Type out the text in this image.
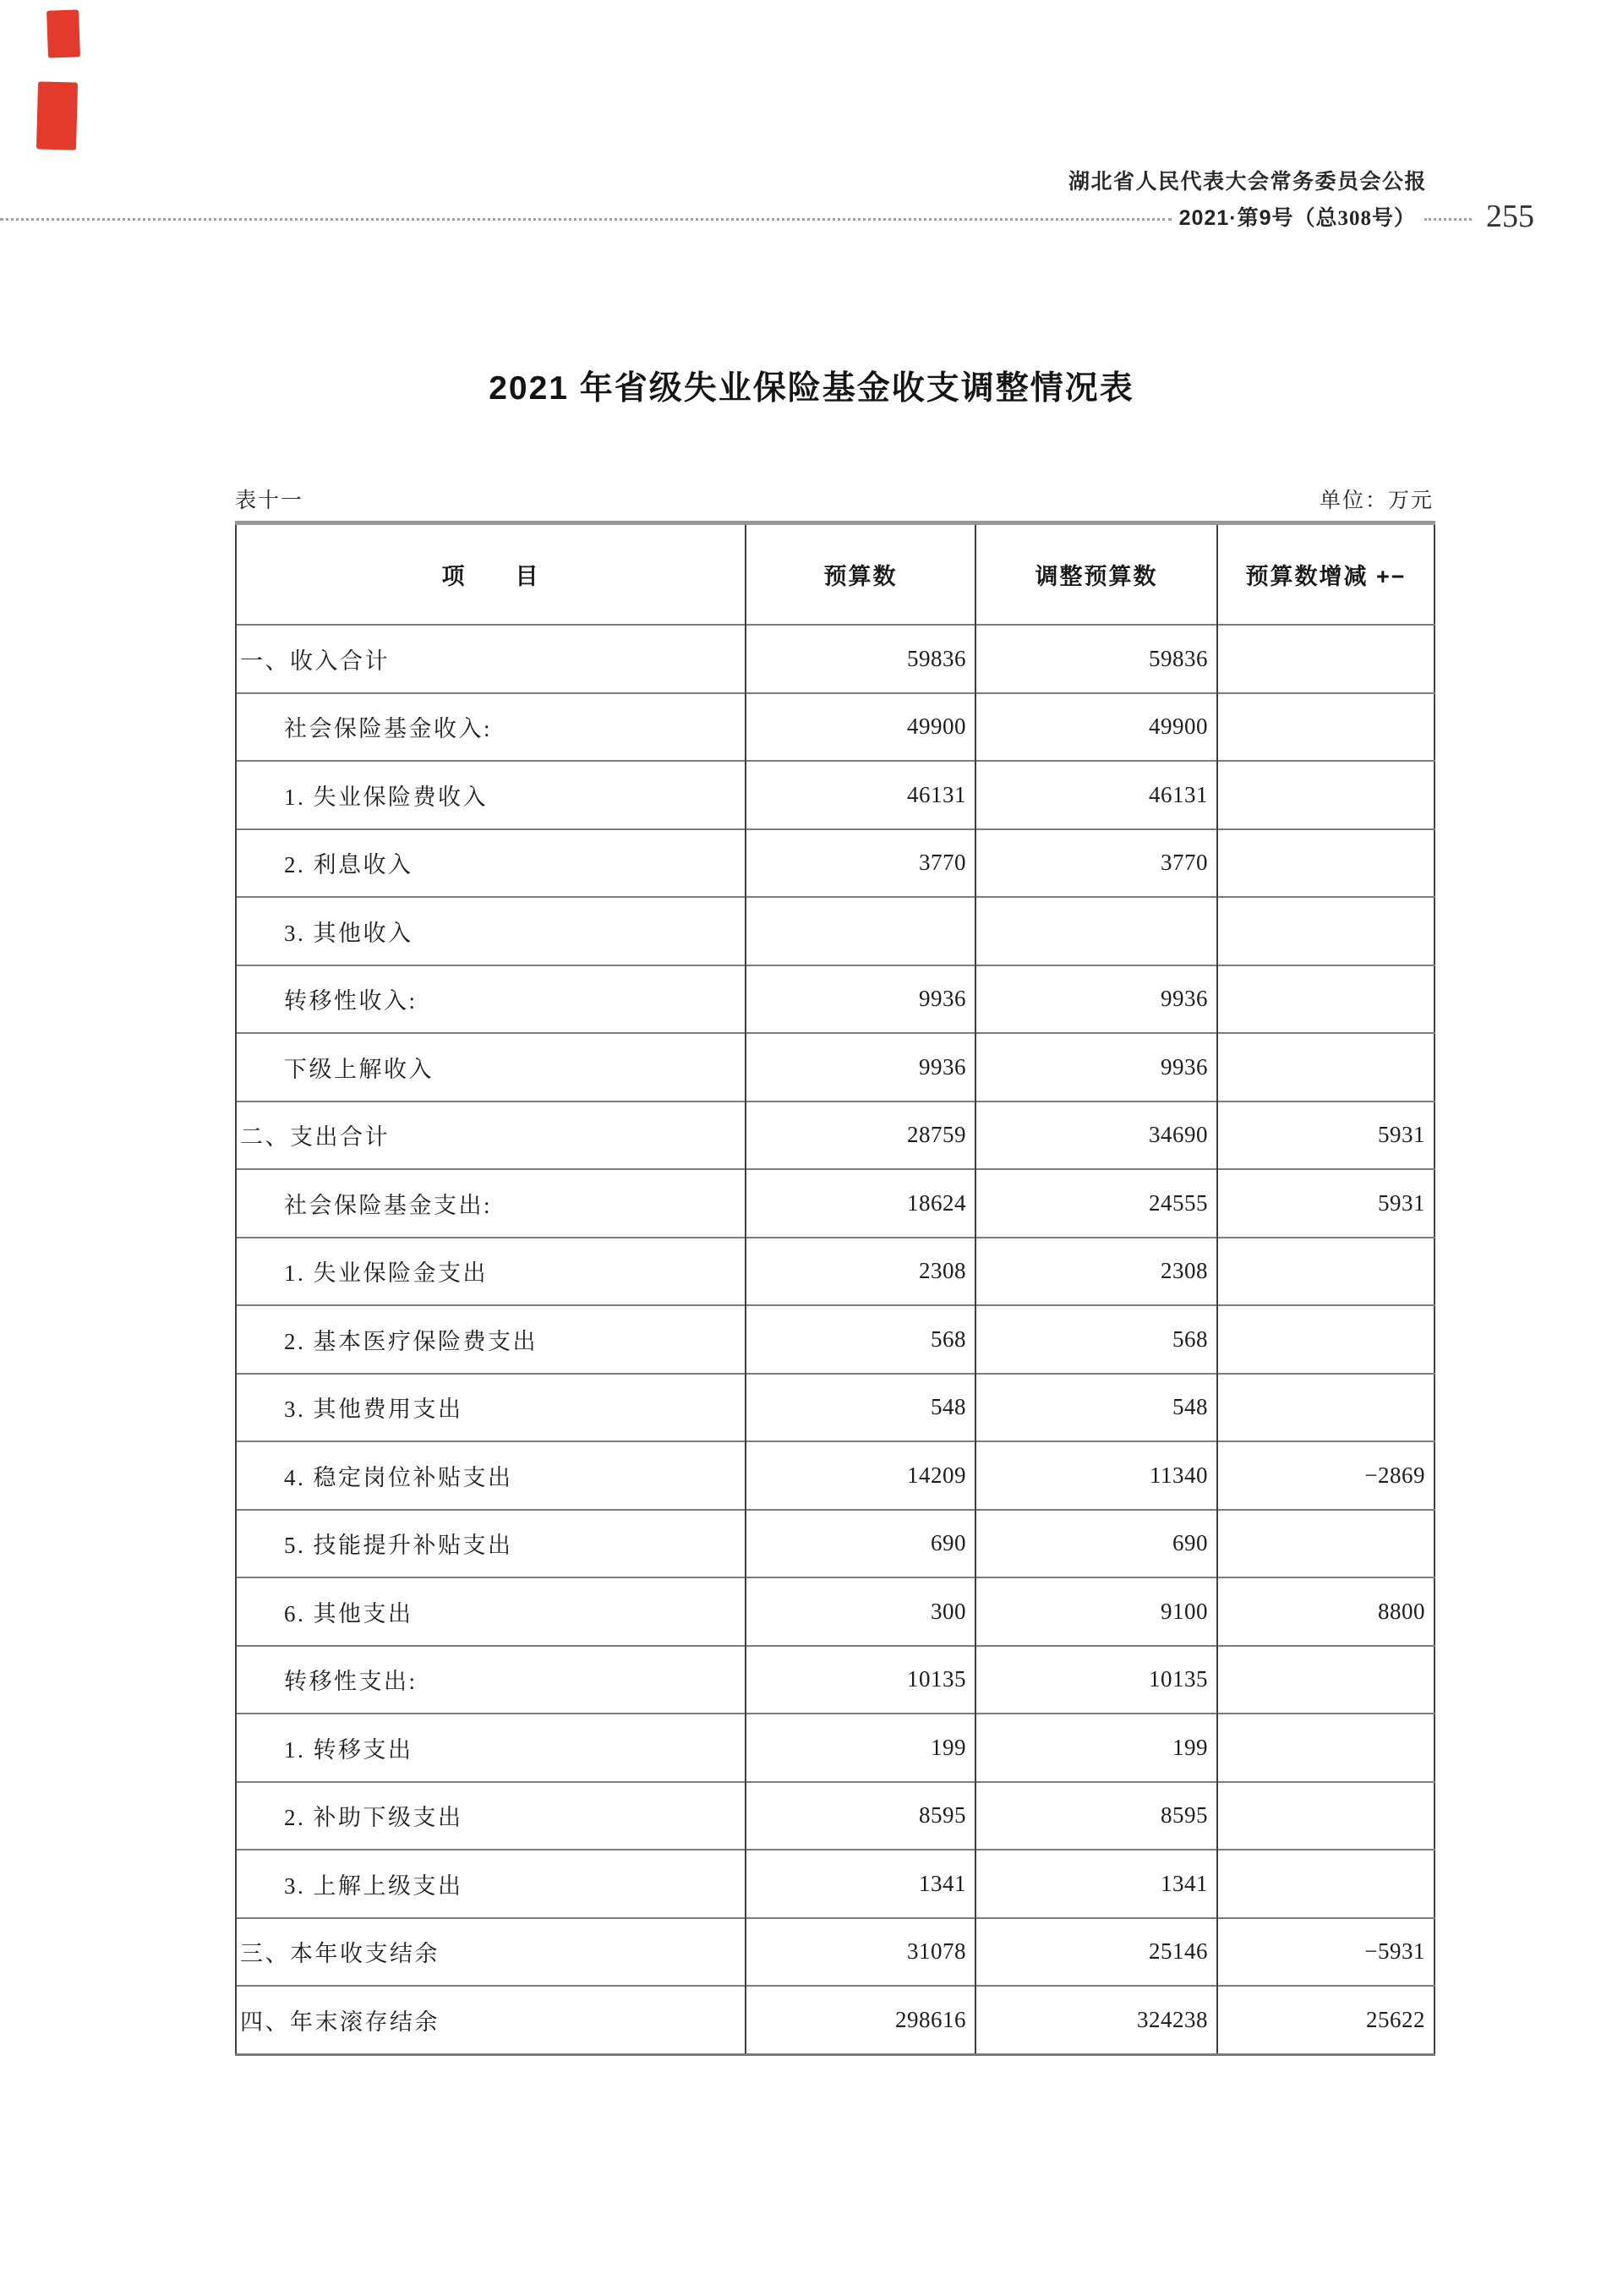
湖北省人民代表大会常务委员会公报
2021·第9号（总308号） 255
2021 年省级失业保险基金收支调整情况表
表十一	单位：万元
项　　目	预算数	调整预算数	预算数增减 +−
一、收入合计	59836	59836	
社会保险基金收入:	49900	49900	
1. 失业保险费收入	46131	46131	
2. 利息收入	3770	3770	
3. 其他收入			
转移性收入:	9936	9936	
下级上解收入	9936	9936	
二、支出合计	28759	34690	5931
社会保险基金支出:	18624	24555	5931
1. 失业保险金支出	2308	2308	
2. 基本医疗保险费支出	568	568	
3. 其他费用支出	548	548	
4. 稳定岗位补贴支出	14209	11340	−2869
5. 技能提升补贴支出	690	690	
6. 其他支出	300	9100	8800
转移性支出:	10135	10135	
1. 转移支出	199	199	
2. 补助下级支出	8595	8595	
3. 上解上级支出	1341	1341	
三、本年收支结余	31078	25146	−5931
四、年末滚存结余	298616	324238	25622
